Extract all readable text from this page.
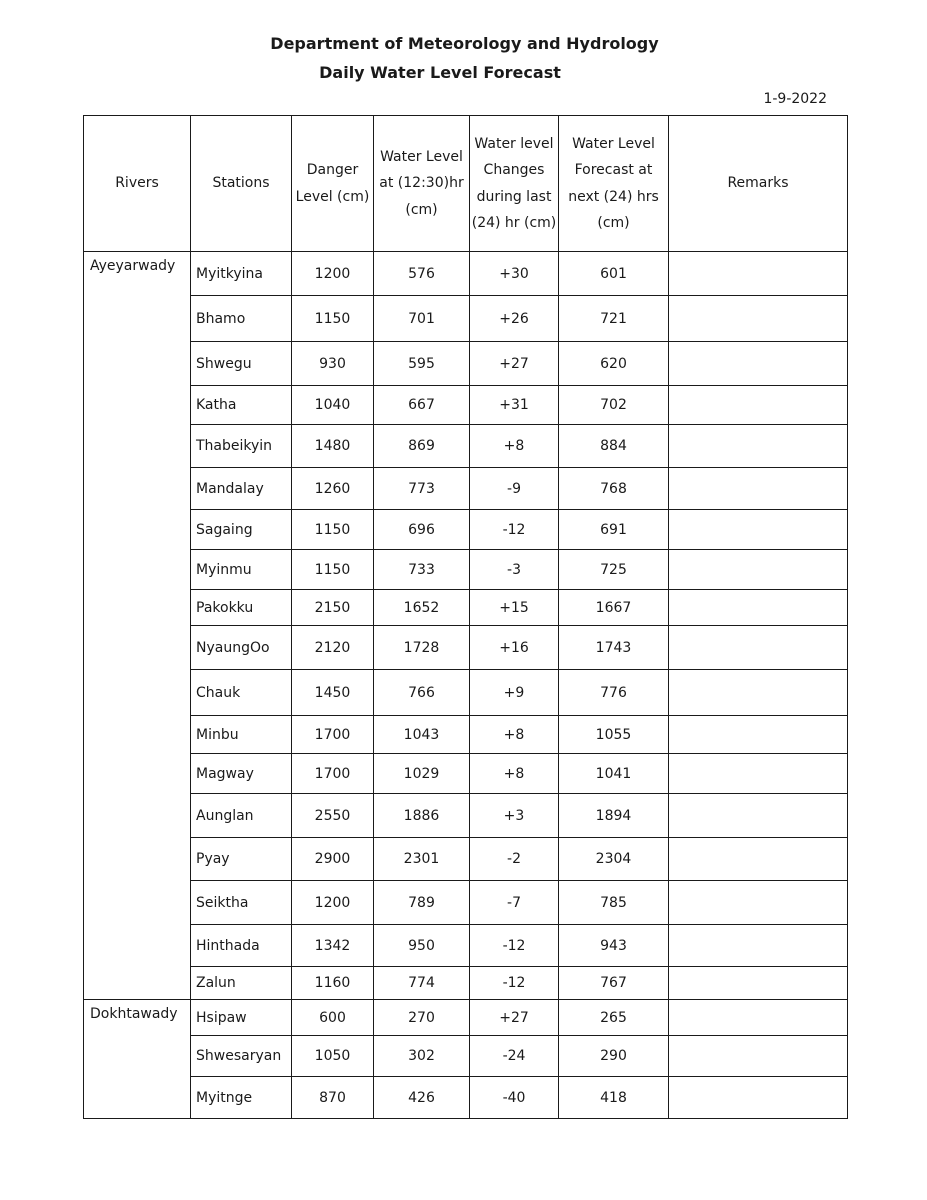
Department of Meteorology and Hydrology
Daily Water Level Forecast
1-9-2022
Rivers	Stations	Danger Level (cm)	Water Level at (12:30)hr (cm)	Water level Changes during last (24) hr (cm)	Water Level Forecast at next (24) hrs (cm)	Remarks
Ayeyarwady	Myitkyina	1200	576	+30	601	
	Bhamo	1150	701	+26	721	
	Shwegu	930	595	+27	620	
	Katha	1040	667	+31	702	
	Thabeikyin	1480	869	+8	884	
	Mandalay	1260	773	-9	768	
	Sagaing	1150	696	-12	691	
	Myinmu	1150	733	-3	725	
	Pakokku	2150	1652	+15	1667	
	NyaungOo	2120	1728	+16	1743	
	Chauk	1450	766	+9	776	
	Minbu	1700	1043	+8	1055	
	Magway	1700	1029	+8	1041	
	Aunglan	2550	1886	+3	1894	
	Pyay	2900	2301	-2	2304	
	Seiktha	1200	789	-7	785	
	Hinthada	1342	950	-12	943	
	Zalun	1160	774	-12	767	
Dokhtawady	Hsipaw	600	270	+27	265	
	Shwesaryan	1050	302	-24	290	
	Myitnge	870	426	-40	418	
